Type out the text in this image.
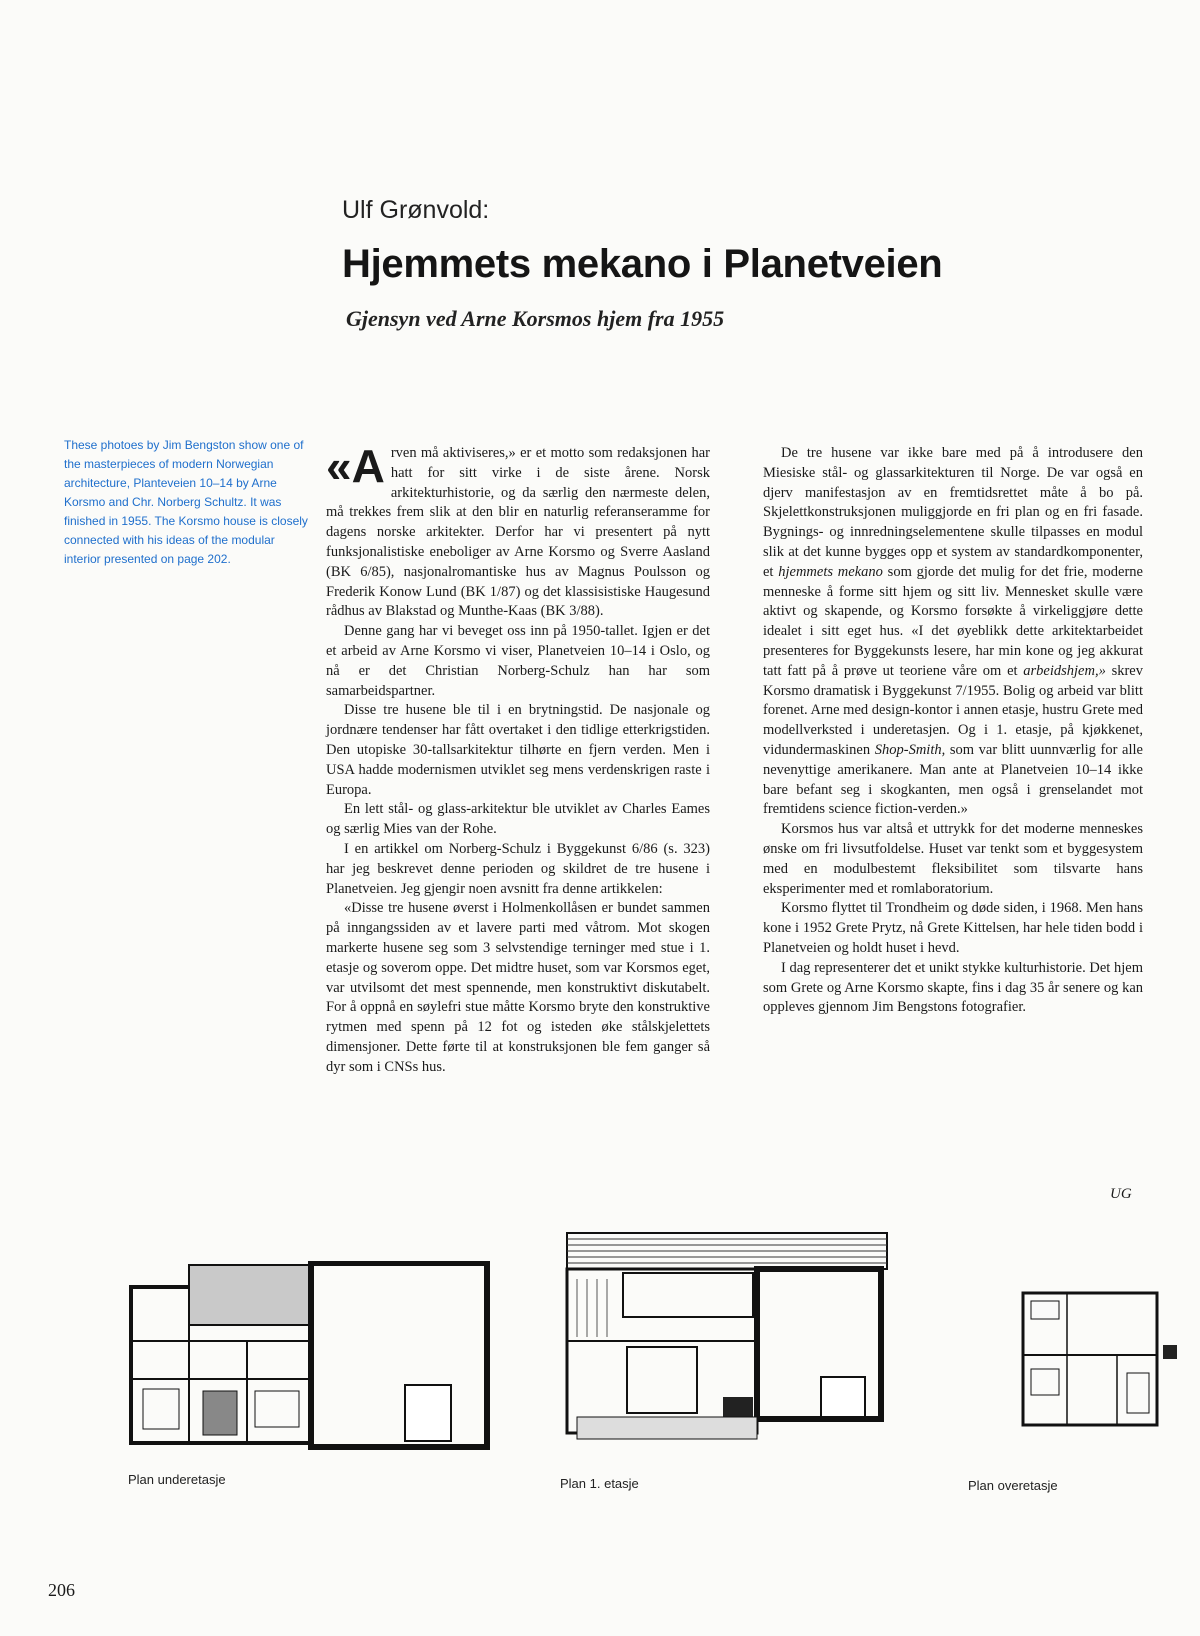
Ulf Grønvold:
Hjemmets mekano i Planetveien
Gjensyn ved Arne Korsmos hjem fra 1955

These photoes by Jim Bengston show one of the masterpieces of modern Norwegian architecture, Planteveien 10–14 by Arne Korsmo and Chr. Norberg Schultz. It was finished in 1955. The Korsmo house is closely connected with his ideas of the modular interior presented on page 202.

«Arven må aktiviseres,» er et motto som redaksjonen har hatt for sitt virke i de siste årene. Norsk arkitekturhistorie, og da særlig den nærmeste delen, må trekkes frem slik at den blir en naturlig referanseramme for dagens norske arkitekter. Derfor har vi presentert på nytt funksjonalistiske eneboliger av Arne Korsmo og Sverre Aasland (BK 6/85), nasjonalromantiske hus av Magnus Poulsson og Frederik Konow Lund (BK 1/87) og det klassisistiske Haugesund rådhus av Blakstad og Munthe-Kaas (BK 3/88).

Denne gang har vi beveget oss inn på 1950-tallet. Igjen er det et arbeid av Arne Korsmo vi viser, Planetveien 10–14 i Oslo, og nå er det Christian Norberg-Schulz han har som samarbeidspartner.

Disse tre husene ble til i en brytningstid. De nasjonale og jordnære tendenser har fått overtaket i den tidlige etterkrigstiden. Den utopiske 30-tallsarkitektur tilhørte en fjern verden. Men i USA hadde modernismen utviklet seg mens verdenskrigen raste i Europa.

En lett stål- og glass-arkitektur ble utviklet av Charles Eames og særlig Mies van der Rohe.

I en artikkel om Norberg-Schulz i Byggekunst 6/86 (s. 323) har jeg beskrevet denne perioden og skildret de tre husene i Planetveien. Jeg gjengir noen avsnitt fra denne artikkelen:

«Disse tre husene øverst i Holmenkollåsen er bundet sammen på inngangssiden av et lavere parti med våtrom. Mot skogen markerte husene seg som 3 selvstendige terninger med stue i 1. etasje og soverom oppe. Det midtre huset, som var Korsmos eget, var utvilsomt det mest spennende, men konstruktivt diskutabelt. For å oppnå en søylefri stue måtte Korsmo bryte den konstruktive rytmen med spenn på 12 fot og isteden øke stålskjelettets dimensjoner. Dette førte til at konstruksjonen ble fem ganger så dyr som i CNSs hus.

De tre husene var ikke bare med på å introdusere den Miesiske stål- og glassarkitekturen til Norge. De var også en djerv manifestasjon av en fremtidsrettet måte å bo på. Skjelettkonstruksjonen muliggjorde en fri plan og en fri fasade. Bygnings- og innredningselementene skulle tilpasses en modul slik at det kunne bygges opp et system av standardkomponenter, et hjemmets mekano som gjorde det mulig for det frie, moderne menneske å forme sitt hjem og sitt liv. Mennesket skulle være aktivt og skapende, og Korsmo forsøkte å virkeliggjøre dette idealet i sitt eget hus. «I det øyeblikk dette arkitektarbeidet presenteres for Byggekunsts lesere, har min kone og jeg akkurat tatt fatt på å prøve ut teoriene våre om et arbeidshjem,» skrev Korsmo dramatisk i Byggekunst 7/1955. Bolig og arbeid var blitt forenet. Arne med design-kontor i annen etasje, hustru Grete med modellverksted i underetasjen. Og i 1. etasje, på kjøkkenet, vidundermaskinen Shop-Smith, som var blitt uunnværlig for alle nevenyttige amerikanere. Man ante at Planetveien 10–14 ikke bare befant seg i skogkanten, men også i grenselandet mot fremtidens science fiction-verden.»

Korsmos hus var altså et uttrykk for det moderne menneskes ønske om fri livsutfoldelse. Huset var tenkt som et byggesystem med en modulbestemt fleksibilitet som tilsvarte hans eksperimenter med et romlaboratorium.

Korsmo flyttet til Trondheim og døde siden, i 1968. Men hans kone i 1952 Grete Prytz, nå Grete Kittelsen, har hele tiden bodd i Planetveien og holdt huset i hevd.

I dag representerer det et unikt stykke kulturhistorie. Det hjem som Grete og Arne Korsmo skapte, fins i dag 35 år senere og kan oppleves gjennom Jim Bengstons fotografier.

UG
Plan underetasje	Plan 1. etasje	Plan overetasje
206
